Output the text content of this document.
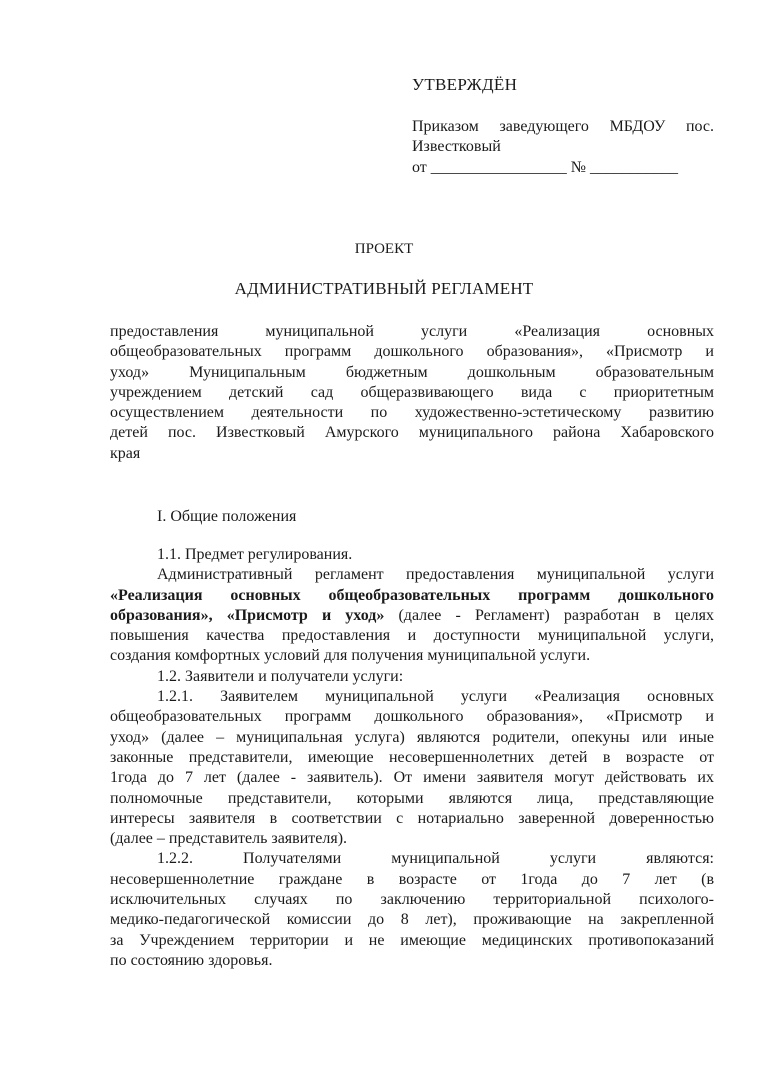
УТВЕРЖДЁН
Приказом заведующего МБДОУ пос.
Известковый
от _________________ № ___________
ПРОЕКТ
АДМИНИСТРАТИВНЫЙ РЕГЛАМЕНТ
предоставления муниципальной услуги «Реализация основных
общеобразовательных программ дошкольного образования», «Присмотр и
уход» Муниципальным бюджетным дошкольным образовательным
учреждением детский сад общеразвивающего вида с приоритетным
осуществлением деятельности по художественно-эстетическому развитию
детей пос. Известковый Амурского муниципального района Хабаровского
края
I. Общие положения
1.1. Предмет регулирования.
Административный регламент предоставления муниципальной услуги
«Реализация основных общеобразовательных программ дошкольного
образования», «Присмотр и уход» (далее - Регламент) разработан в целях
повышения качества предоставления и доступности муниципальной услуги,
создания комфортных условий для получения муниципальной услуги.
1.2. Заявители и получатели услуги:
1.2.1. Заявителем муниципальной услуги «Реализация основных
общеобразовательных программ дошкольного образования», «Присмотр и
уход» (далее – муниципальная услуга) являются родители, опекуны или иные
законные представители, имеющие несовершеннолетних детей в возрасте от
1года до 7 лет (далее - заявитель). От имени заявителя могут действовать их
полномочные представители, которыми являются лица, представляющие
интересы заявителя в соответствии с нотариально заверенной доверенностью
(далее – представитель заявителя).
1.2.2. Получателями муниципальной услуги являются:
несовершеннолетние граждане в возрасте от 1года до 7 лет (в
исключительных случаях по заключению территориальной психолого-
медико-педагогической комиссии до 8 лет), проживающие на закрепленной
за Учреждением территории и не имеющие медицинских противопоказаний
по состоянию здоровья.
